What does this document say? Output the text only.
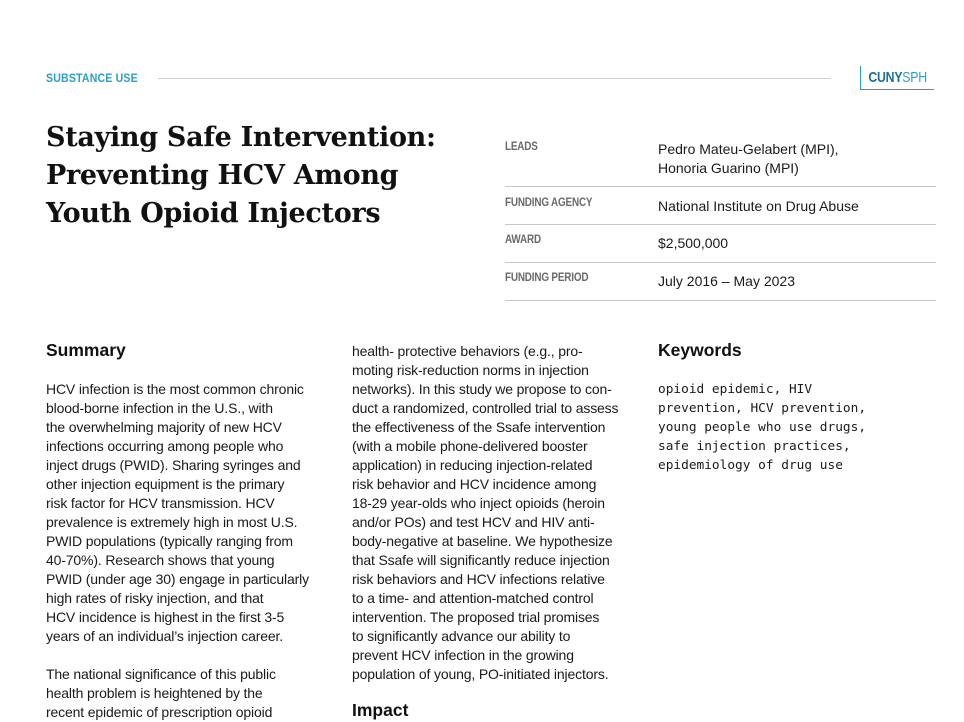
SUBSTANCE USE	CUNYSPH
Staying Safe Intervention:
Preventing HCV Among
Youth Opioid Injectors
LEADS	Pedro Mateu-Gelabert (MPI),
Honoria Guarino (MPI)
FUNDING AGENCY	National Institute on Drug Abuse
AWARD	$2,500,000
FUNDING PERIOD	July 2016 – May 2023
Summary

HCV infection is the most common chronic
blood-borne infection in the U.S., with
the overwhelming majority of new HCV
infections occurring among people who
inject drugs (PWID). Sharing syringes and
other injection equipment is the primary
risk factor for HCV transmission. HCV
prevalence is extremely high in most U.S.
PWID populations (typically ranging from
40-70%). Research shows that young
PWID (under age 30) engage in particularly
high rates of risky injection, and that
HCV incidence is highest in the first 3-5
years of an individual’s injection career.

The national significance of this public
health problem is heightened by the
recent epidemic of prescription opioid

health- protective behaviors (e.g., pro-
moting risk-reduction norms in injection
networks). In this study we propose to con-
duct a randomized, controlled trial to assess
the effectiveness of the Ssafe intervention
(with a mobile phone-delivered booster
application) in reducing injection-related
risk behavior and HCV incidence among
18-29 year-olds who inject opioids (heroin
and/or POs) and test HCV and HIV anti-
body-negative at baseline. We hypothesize
that Ssafe will significantly reduce injection
risk behaviors and HCV infections relative
to a time- and attention-matched control
intervention. The proposed trial promises
to significantly advance our ability to
prevent HCV infection in the growing
population of young, PO-initiated injectors.

Impact
Keywords

opioid epidemic, HIV
prevention, HCV prevention,
young people who use drugs,
safe injection practices,
epidemiology of drug use
